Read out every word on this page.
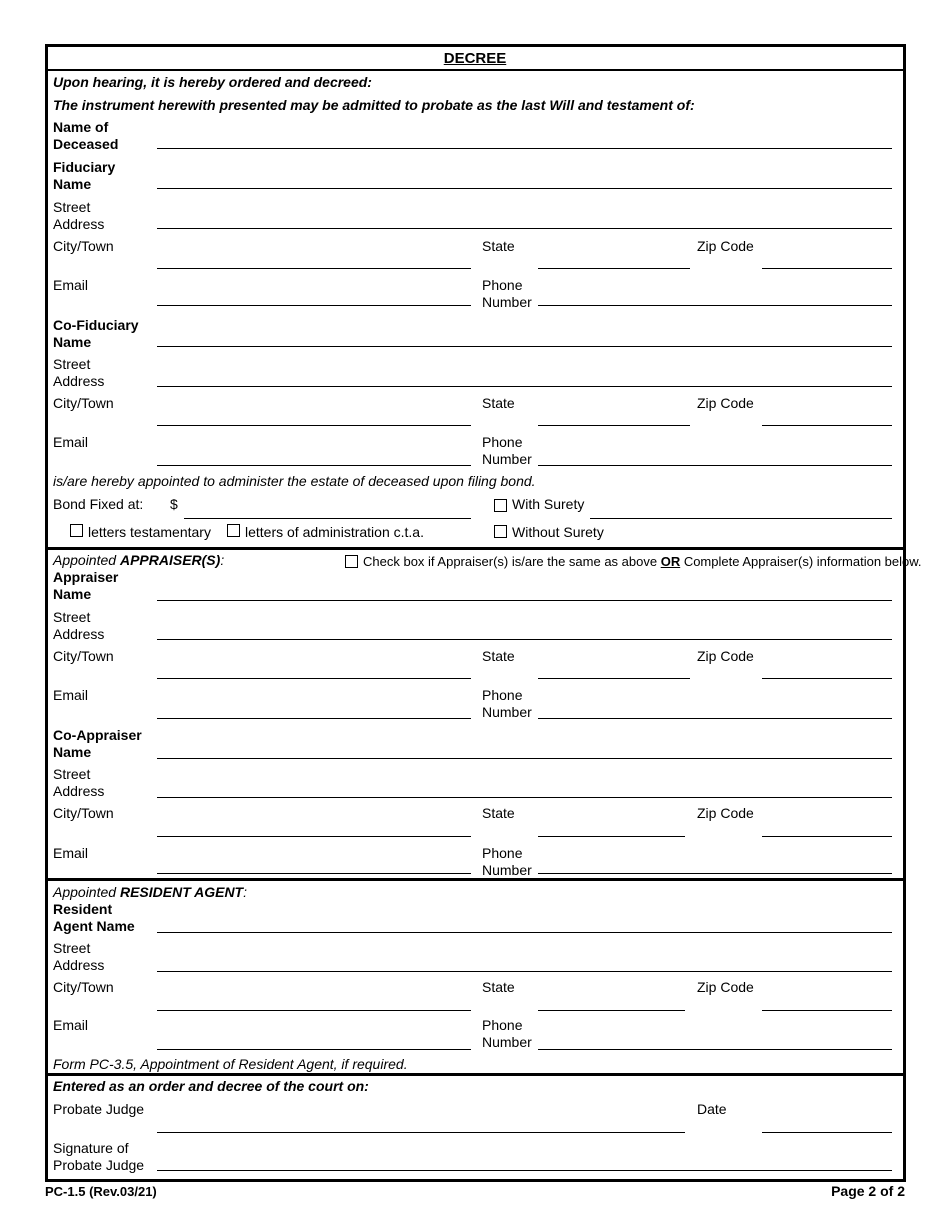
DECREE
Upon hearing, it is hereby ordered and decreed:
The instrument herewith presented may be admitted to probate as the last Will and testament of:
Name of
Deceased
Fiduciary
Name
Street
Address
City/Town	State	Zip Code
Email	Phone
Number
Co-Fiduciary
Name
Street
Address
City/Town	State	Zip Code
Email	Phone
Number
is/are hereby appointed to administer the estate of deceased upon filing bond.
Bond Fixed at: $	With Surety
letters testamentary letters of administration c.t.a.	Without Surety
Appointed APPRAISER(S):	Check box if Appraiser(s) is/are the same as above OR Complete Appraiser(s) information below.
Appraiser
Name
Street
Address
City/Town	State	Zip Code
Email	Phone
Number
Co-Appraiser
Name
Street
Address
City/Town	State	Zip Code
Email	Phone
Number
Appointed RESIDENT AGENT:
Resident
Agent Name
Street
Address
City/Town	State	Zip Code
Email	Phone
Number
Form PC-3.5, Appointment of Resident Agent, if required.
Entered as an order and decree of the court on:
Probate Judge	Date
Signature of
Probate Judge
PC-1.5 (Rev.03/21)	Page 2 of 2
